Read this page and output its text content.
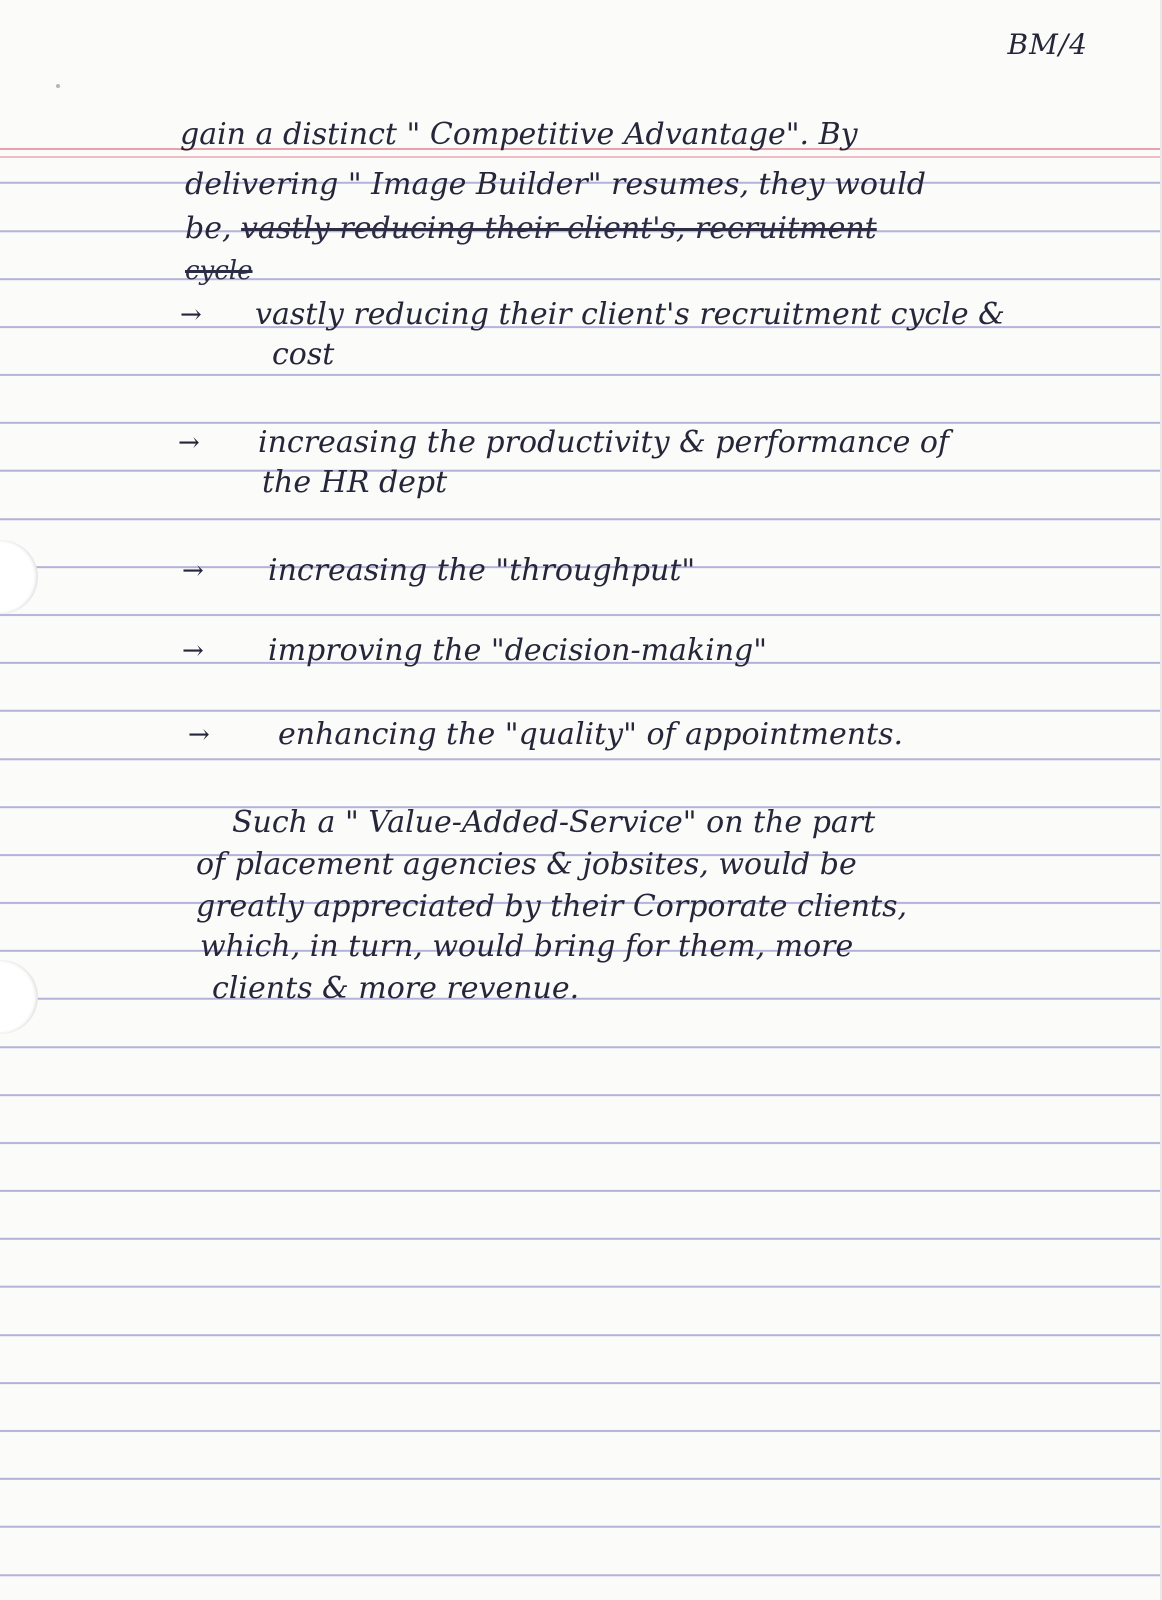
BM/4
gain a distinct " Competitive Advantage". By
delivering " Image Builder" resumes, they would
be, vastly reducing their client's, recruitment
cycle
→ vastly reducing their client's recruitment cycle &
cost
→ increasing the productivity & performance of
the HR dept
→ increasing the "throughput"
→ improving the "decision-making"
→ enhancing the "quality" of appointments.
Such a " Value-Added-Service" on the part
of placement agencies & jobsites, would be
greatly appreciated by their Corporate clients,
which, in turn, would bring for them, more
clients & more revenue.
